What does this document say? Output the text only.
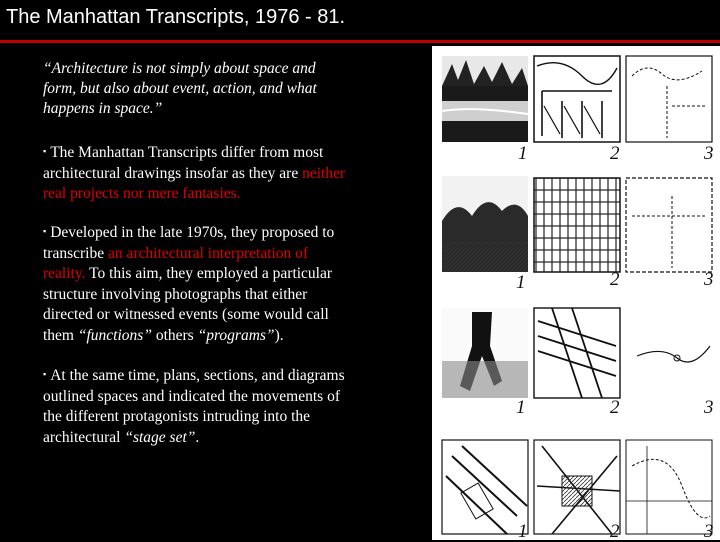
The Manhattan Transcripts, 1976 - 81.
“Architecture is not simply about space and
form, but also about event, action, and what
happens in space.”
▪ The Manhattan Transcripts differ from most
architectural drawings insofar as they are neither
real projects nor mere fantasies.
▪ Developed in the late 1970s, they proposed to
transcribe an architectural interpretation of
reality. To this aim, they employed a particular
structure involving photographs that either
directed or witnessed events (some would call
them “functions” others “programs”).
▪ At the same time, plans, sections, and diagrams
outlined spaces and indicated the movements of
the different protagonists intruding into the
architectural “stage set”.
1	2	3
1	2	3
1	2	3
1	2	3
